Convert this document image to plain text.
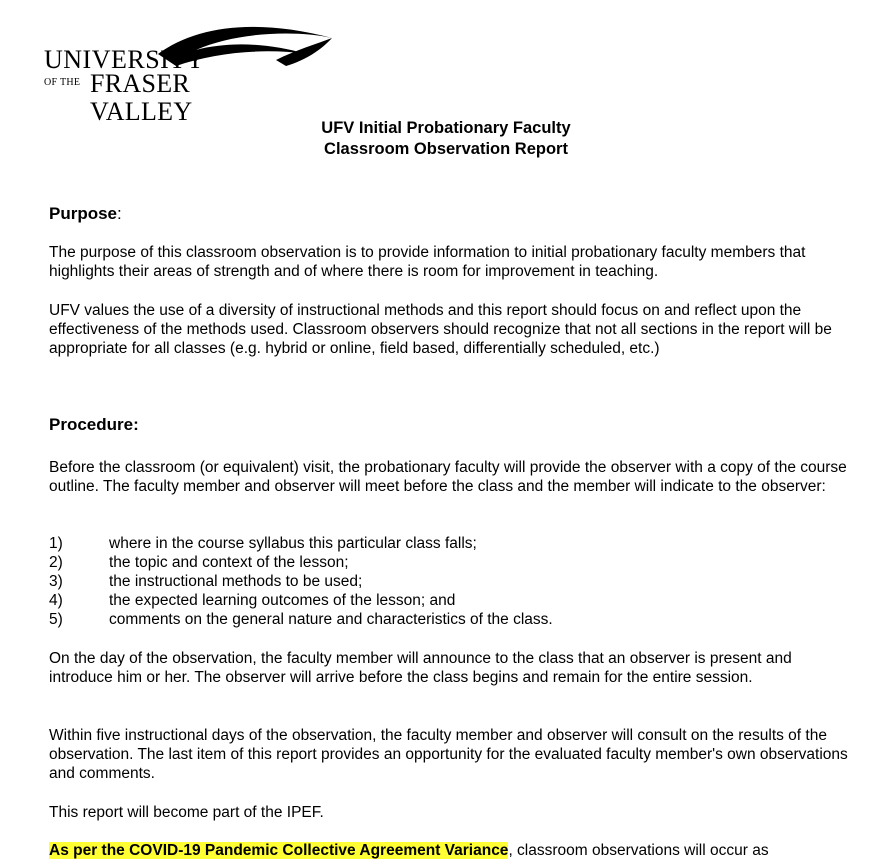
UNIVERSITY
OF THE FRASER VALLEY
UFV Initial Probationary Faculty
Classroom Observation Report
Purpose:
The purpose of this classroom observation is to provide information to initial probationary faculty members that highlights their areas of strength and of where there is room for improvement in teaching.
UFV values the use of a diversity of instructional methods and this report should focus on and reflect upon the effectiveness of the methods used. Classroom observers should recognize that not all sections in the report will be appropriate for all classes (e.g. hybrid or online, field based, differentially scheduled, etc.)
Procedure:
Before the classroom (or equivalent) visit, the probationary faculty will provide the observer with a copy of the course outline. The faculty member and observer will meet before the class and the member will indicate to the observer:
1)	where in the course syllabus this particular class falls;
2)	the topic and context of the lesson;
3)	the instructional methods to be used;
4)	the expected learning outcomes of the lesson; and
5)	comments on the general nature and characteristics of the class.
On the day of the observation, the faculty member will announce to the class that an observer is present and introduce him or her. The observer will arrive before the class begins and remain for the entire session.
Within five instructional days of the observation, the faculty member and observer will consult on the results of the observation. The last item of this report provides an opportunity for the evaluated faculty member's own observations and comments.
This report will become part of the IPEF.
As per the COVID-19 Pandemic Collective Agreement Variance, classroom observations will occur as
